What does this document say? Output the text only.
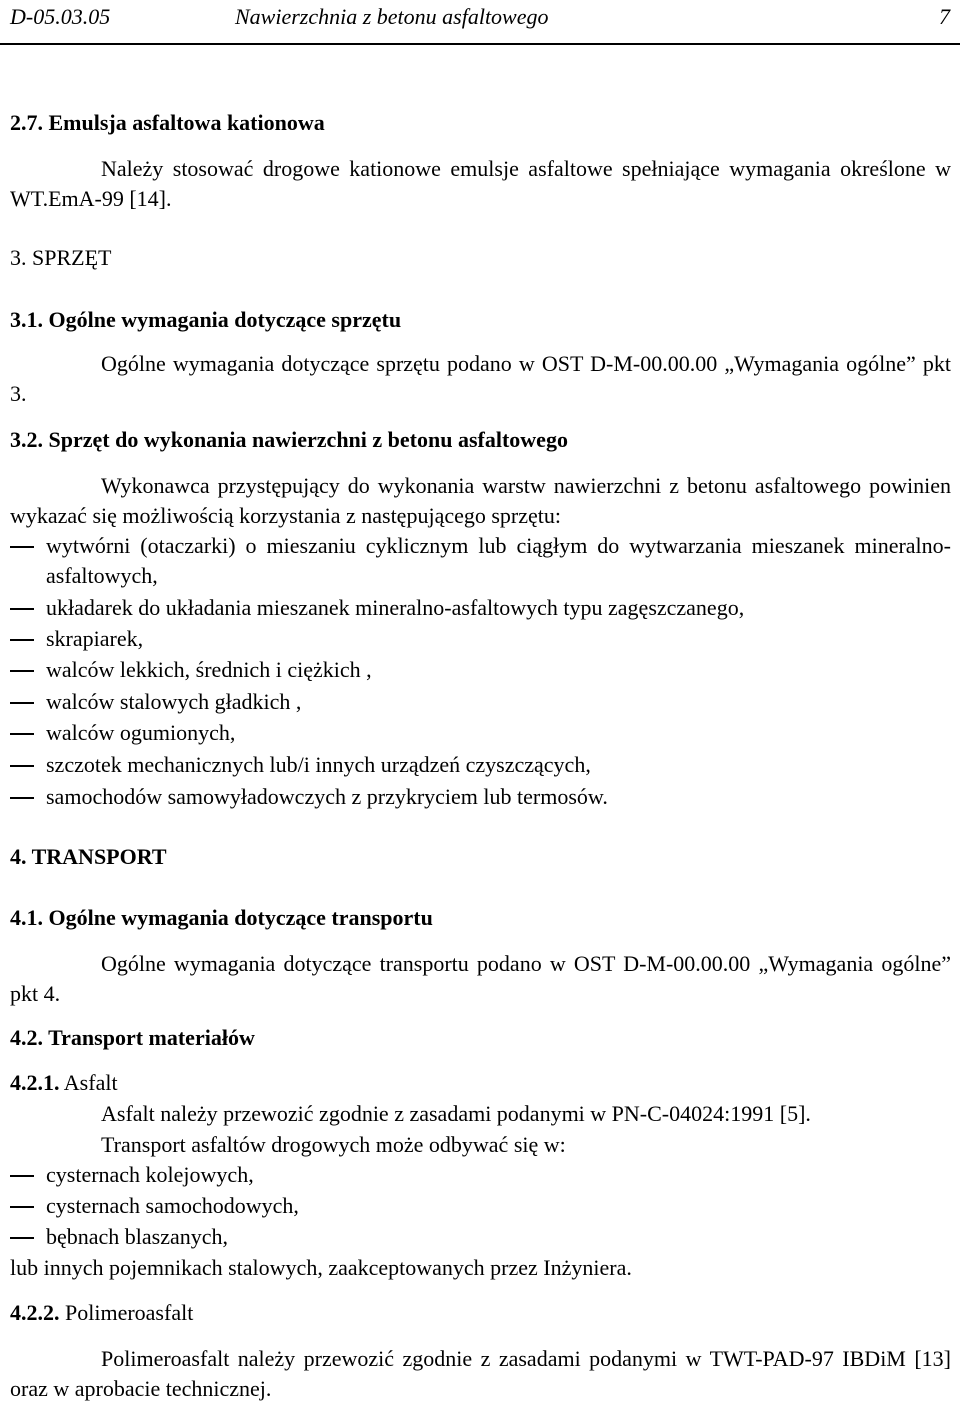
D-05.03.05	Nawierzchnia z betonu asfaltowego	7
2.7. Emulsja asfaltowa kationowa
Należy stosować drogowe kationowe emulsje asfaltowe spełniające wymagania określone w WT.EmA-99 [14].
3. SPRZĘT
3.1. Ogólne wymagania dotyczące sprzętu
Ogólne wymagania dotyczące sprzętu podano w OST D-M-00.00.00 „Wymagania ogólne” pkt 3.
3.2. Sprzęt do wykonania nawierzchni z betonu asfaltowego
Wykonawca przystępujący do wykonania warstw nawierzchni z betonu asfaltowego powinien wykazać się możliwością korzystania z następującego sprzętu:
wytwórni (otaczarki) o mieszaniu cyklicznym lub ciągłym do wytwarzania mieszanek mineralno-asfaltowych,
układarek do układania mieszanek mineralno-asfaltowych typu zagęszczanego,
skrapiarek,
walców lekkich, średnich i ciężkich ,
walców stalowych gładkich ,
walców ogumionych,
szczotek mechanicznych lub/i innych urządzeń czyszczących,
samochodów samowyładowczych z przykryciem lub termosów.
4. TRANSPORT
4.1. Ogólne wymagania dotyczące transportu
Ogólne wymagania dotyczące transportu podano w OST D-M-00.00.00 „Wymagania ogólne” pkt 4.
4.2. Transport materiałów
4.2.1. Asfalt
Asfalt należy przewozić zgodnie z zasadami podanymi w PN-C-04024:1991 [5].
Transport asfaltów drogowych może odbywać się w:
cysternach kolejowych,
cysternach samochodowych,
bębnach blaszanych,
lub innych pojemnikach stalowych, zaakceptowanych przez Inżyniera.
4.2.2. Polimeroasfalt
Polimeroasfalt należy przewozić zgodnie z zasadami podanymi w TWT-PAD-97 IBDiM [13] oraz w aprobacie technicznej.
